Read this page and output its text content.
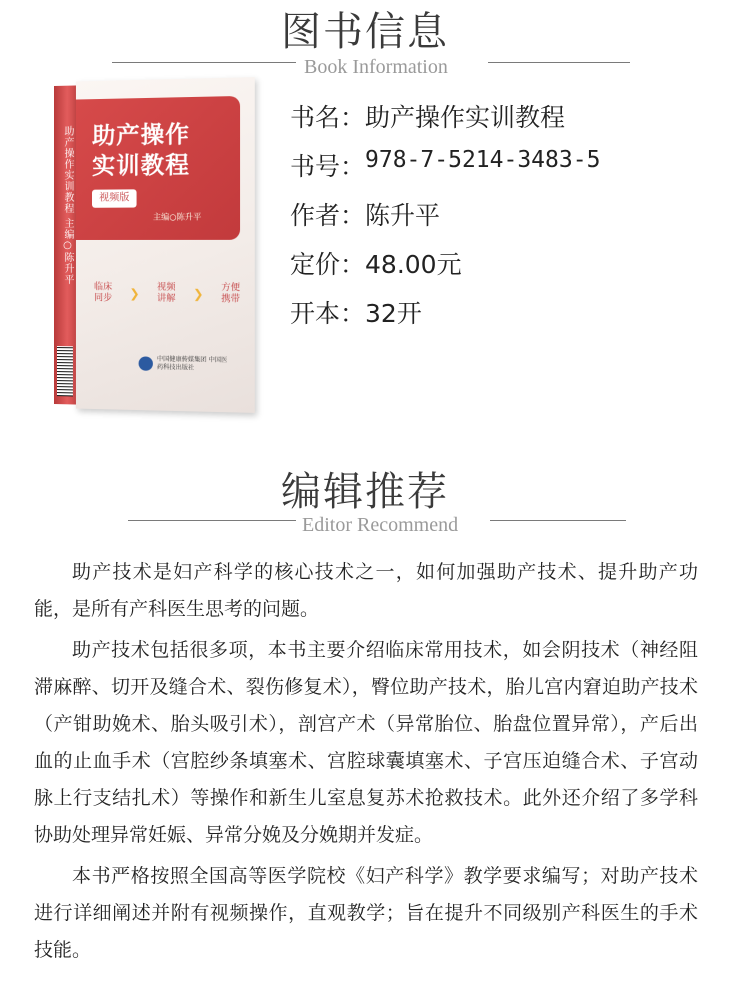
图书信息
Book Information
助产操作实训教程 主编○陈升平 助产操作
实训教程
视频版
主编○陈升平
临床同步	❯	视频讲解	❯	方便携带
中国健康传媒集团 中国医药科技出版社
书名： 助产操作实训教程
书号： 978-7-5214-3483-5
作者： 陈升平
定价： 48.00元
开本： 32开
编辑推荐
Editor Recommend

助产技术是妇产科学的核心技术之一，如何加强助产技术、提升助产功能，是所有产科医生思考的问题。

助产技术包括很多项，本书主要介绍临床常用技术，如会阴技术（神经阻滞麻醉、切开及缝合术、裂伤修复术），臀位助产技术，胎儿宫内窘迫助产技术（产钳助娩术、胎头吸引术），剖宫产术（异常胎位、胎盘位置异常），产后出血的止血手术（宫腔纱条填塞术、宫腔球囊填塞术、子宫压迫缝合术、子宫动脉上行支结扎术）等操作和新生儿室息复苏术抢救技术。此外还介绍了多学科协助处理异常妊娠、异常分娩及分娩期并发症。

本书严格按照全国高等医学院校《妇产科学》教学要求编写；对助产技术进行详细阐述并附有视频操作，直观教学；旨在提升不同级别产科医生的手术技能。
